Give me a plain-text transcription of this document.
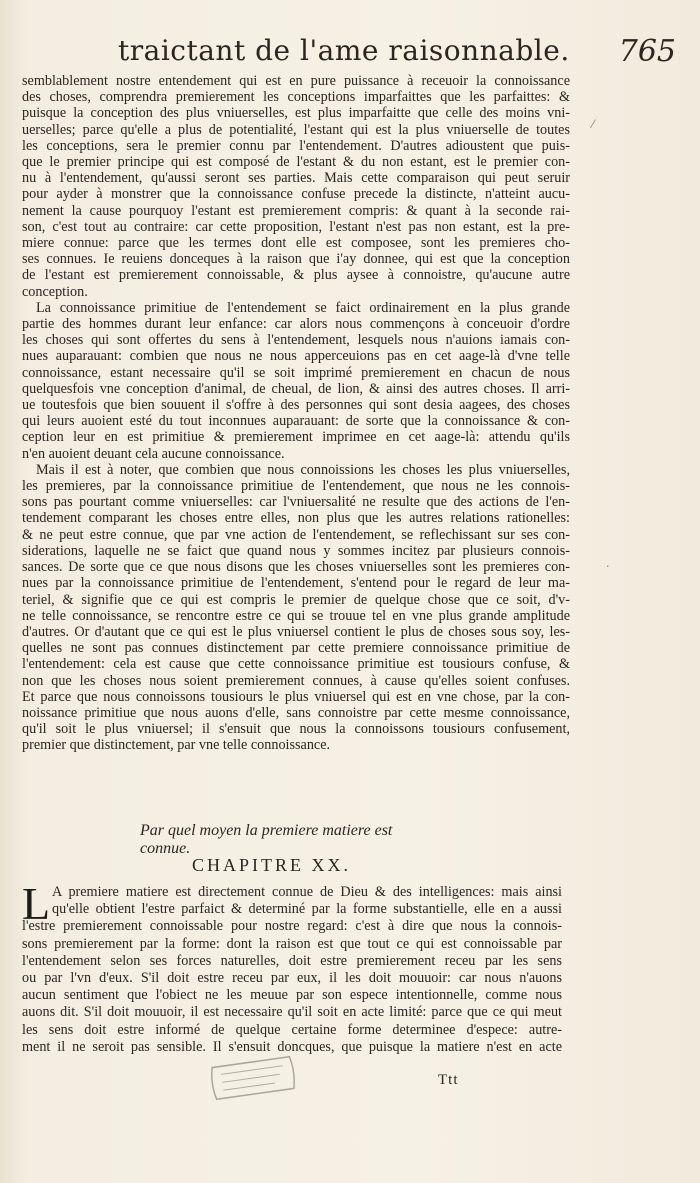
traictant de l'ame raisonnable. 765
semblablement nostre entendement qui est en pure puissance à receuoir la connoissance
des choses, comprendra premierement les conceptions imparfaittes que les parfaittes: &
puisque la conception des plus vniuerselles, est plus imparfaitte que celle des moins vni-
uerselles; parce qu'elle a plus de potentialité, l'estant qui est la plus vniuerselle de toutes
les conceptions, sera le premier connu par l'entendement. D'autres adioustent que puis-
que le premier principe qui est composé de l'estant & du non estant, est le premier con-
nu à l'entendement, qu'aussi seront ses parties. Mais cette comparaison qui peut seruir
pour ayder à monstrer que la connoissance confuse precede la distincte, n'atteint aucu-
nement la cause pourquoy l'estant est premierement compris: & quant à la seconde rai-
son, c'est tout au contraire: car cette proposition, l'estant n'est pas non estant, est la pre-
miere connue: parce que les termes dont elle est composee, sont les premieres cho-
ses connues. Ie reuiens donceques à la raison que i'ay donnee, qui est que la conception
de l'estant est premierement connoissable, & plus aysee à connoistre, qu'aucune autre
conception.
La connoissance primitiue de l'entendement se faict ordinairement en la plus grande
partie des hommes durant leur enfance: car alors nous commençons à conceuoir d'ordre
les choses qui sont offertes du sens à l'entendement, lesquels nous n'auions iamais con-
nues auparauant: combien que nous ne nous apperceuions pas en cet aage-là d'vne telle
connoissance, estant necessaire qu'il se soit imprimé premierement en chacun de nous
quelquesfois vne conception d'animal, de cheual, de lion, & ainsi des autres choses. Il arri-
ue toutesfois que bien souuent il s'offre à des personnes qui sont desia aagees, des choses
qui leurs auoient esté du tout inconnues auparauant: de sorte que la connoissance & con-
ception leur en est primitiue & premierement imprimee en cet aage-là: attendu qu'ils
n'en auoient deuant cela aucune connoissance.
Mais il est à noter, que combien que nous connoissions les choses les plus vniuerselles,
les premieres, par la connoissance primitiue de l'entendement, que nous ne les connois-
sons pas pourtant comme vniuerselles: car l'vniuersalité ne resulte que des actions de l'en-
tendement comparant les choses entre elles, non plus que les autres relations rationelles:
& ne peut estre connue, que par vne action de l'entendement, se reflechissant sur ses con-
siderations, laquelle ne se faict que quand nous y sommes incitez par plusieurs connois-
sances. De sorte que ce que nous disons que les choses vniuerselles sont les premieres con-
nues par la connoissance primitiue de l'entendement, s'entend pour le regard de leur ma-
teriel, & signifie que ce qui est compris le premier de quelque chose que ce soit, d'v-
ne telle connoissance, se rencontre estre ce qui se trouue tel en vne plus grande amplitude
d'autres. Or d'autant que ce qui est le plus vniuersel contient le plus de choses sous soy, les-
quelles ne sont pas connues distinctement par cette premiere connoissance primitiue de
l'entendement: cela est cause que cette connoissance primitiue est tousiours confuse, &
non que les choses nous soient premierement connues, à cause qu'elles soient confuses.
Et parce que nous connoissons tousiours le plus vniuersel qui est en vne chose, par la con-
noissance primitiue que nous auons d'elle, sans connoistre par cette mesme connoissance,
qu'il soit le plus vniuersel; il s'ensuit que nous la connoissons tousiours confusement,
premier que distinctement, par vne telle connoissance.
⁄
·
Par quel moyen la premiere matiere est connue.
CHAPITRE XX.
L A premiere matiere est directement connue de Dieu & des intelligences: mais ainsi
qu'elle obtient l'estre parfaict & determiné par la forme substantielle, elle en a aussi
l'estre premierement connoissable pour nostre regard: c'est à dire que nous la connois-
sons premierement par la forme: dont la raison est que tout ce qui est connoissable par
l'entendement selon ses forces naturelles, doit estre premierement receu par les sens
ou par l'vn d'eux. S'il doit estre receu par eux, il les doit mouuoir: car nous n'auons
aucun sentiment que l'obiect ne les meuue par son espece intentionnelle, comme nous
auons dit. S'il doit mouuoir, il est necessaire qu'il soit en acte limité: parce que ce qui meut
les sens doit estre informé de quelque certaine forme determinee d'espece: autre-
ment il ne seroit pas sensible. Il s'ensuit doncques, que puisque la matiere n'est en acte
Ttt
